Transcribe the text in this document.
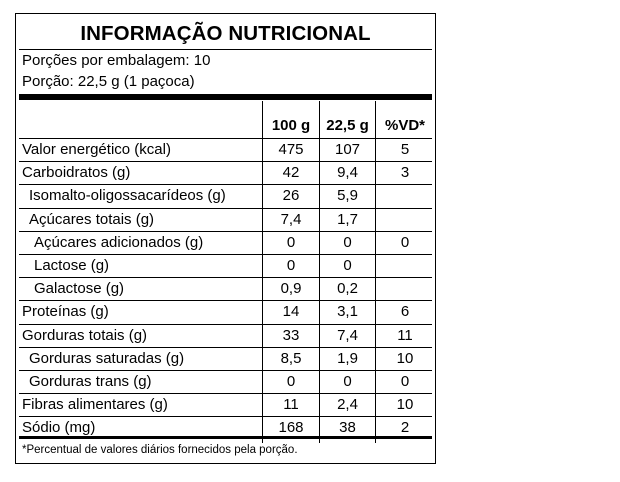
INFORMAÇÃO NUTRICIONAL
Porções por embalagem: 10
Porção: 22,5 g (1 paçoca)
100 g	22,5 g	%VD*
Valor energético (kcal)	475	107	5
Carboidratos (g)	42	9,4	3
Isomalto-oligossacarídeos (g)	26	5,9
Açúcares totais (g)	7,4	1,7
Açúcares adicionados (g)	0	0	0
Lactose (g)	0	0
Galactose (g)	0,9	0,2
Proteínas (g)	14	3,1	6
Gorduras totais (g)	33	7,4	11
Gorduras saturadas (g)	8,5	1,9	10
Gorduras trans (g)	0	0	0
Fibras alimentares (g)	11	2,4	10
Sódio (mg)	168	38	2
*Percentual de valores diários fornecidos pela porção.
